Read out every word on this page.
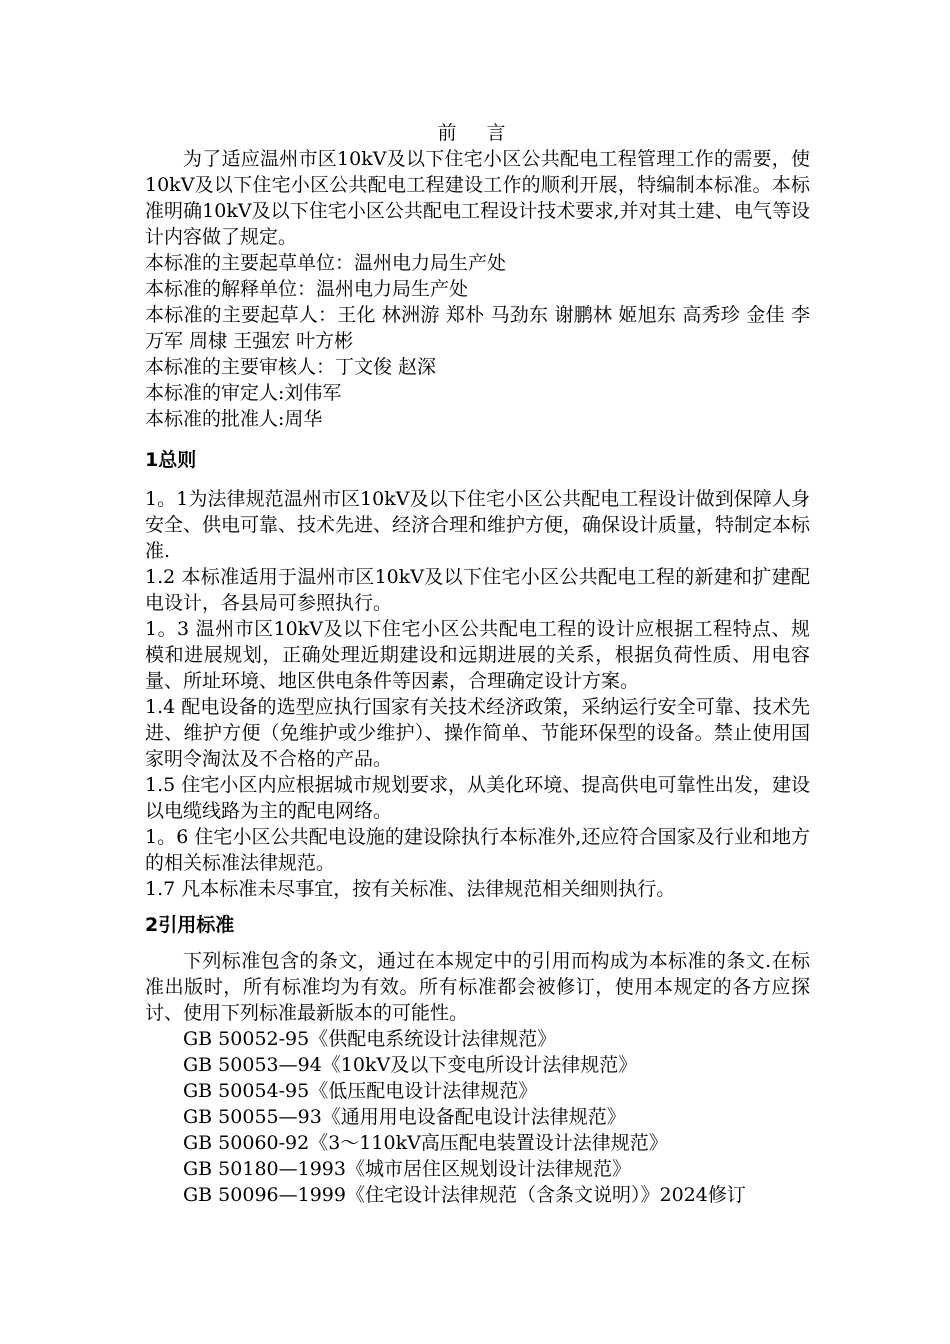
前 言

为了适应温州市区10kV及以下住宅小区公共配电工程管理工作的需要，使10kV及以下住宅小区公共配电工程建设工作的顺利开展，特编制本标准。本标准明确10kV及以下住宅小区公共配电工程设计技术要求,并对其土建、电气等设计内容做了规定。

本标准的主要起草单位：温州电力局生产处

本标准的解释单位：温州电力局生产处

本标准的主要起草人：王化 林洲游 郑朴 马劲东 谢鹏林 姬旭东 高秀珍 金佳 李万军 周棣 王强宏 叶方彬

本标准的主要审核人：丁文俊 赵深

本标准的审定人:刘伟军

本标准的批准人:周华

1总则

1。1为法律规范温州市区10kV及以下住宅小区公共配电工程设计做到保障人身安全、供电可靠、技术先进、经济合理和维护方便，确保设计质量，特制定本标准.

1.2 本标准适用于温州市区10kV及以下住宅小区公共配电工程的新建和扩建配电设计，各县局可参照执行。

1。3 温州市区10kV及以下住宅小区公共配电工程的设计应根据工程特点、规模和进展规划，正确处理近期建设和远期进展的关系，根据负荷性质、用电容量、所址环境、地区供电条件等因素，合理确定设计方案。

1.4 配电设备的选型应执行国家有关技术经济政策，采纳运行安全可靠、技术先进、维护方便（免维护或少维护）、操作简单、节能环保型的设备。禁止使用国家明令淘汰及不合格的产品。

1.5 住宅小区内应根据城市规划要求，从美化环境、提高供电可靠性出发，建设以电缆线路为主的配电网络。

1。6 住宅小区公共配电设施的建设除执行本标准外,还应符合国家及行业和地方的相关标准法律规范。

1.7 凡本标准未尽事宜，按有关标准、法律规范相关细则执行。

2引用标准

下列标准包含的条文，通过在本规定中的引用而构成为本标准的条文.在标准出版时，所有标准均为有效。所有标准都会被修订，使用本规定的各方应探讨、使用下列标准最新版本的可能性。

GB 50052-95《供配电系统设计法律规范》

GB 50053—94《10kV及以下变电所设计法律规范》

GB 50054-95《低压配电设计法律规范》

GB 50055—93《通用用电设备配电设计法律规范》

GB 50060-92《3～110kV高压配电装置设计法律规范》

GB 50180—1993《城市居住区规划设计法律规范》

GB 50096—1999《住宅设计法律规范（含条文说明）》2024修订
